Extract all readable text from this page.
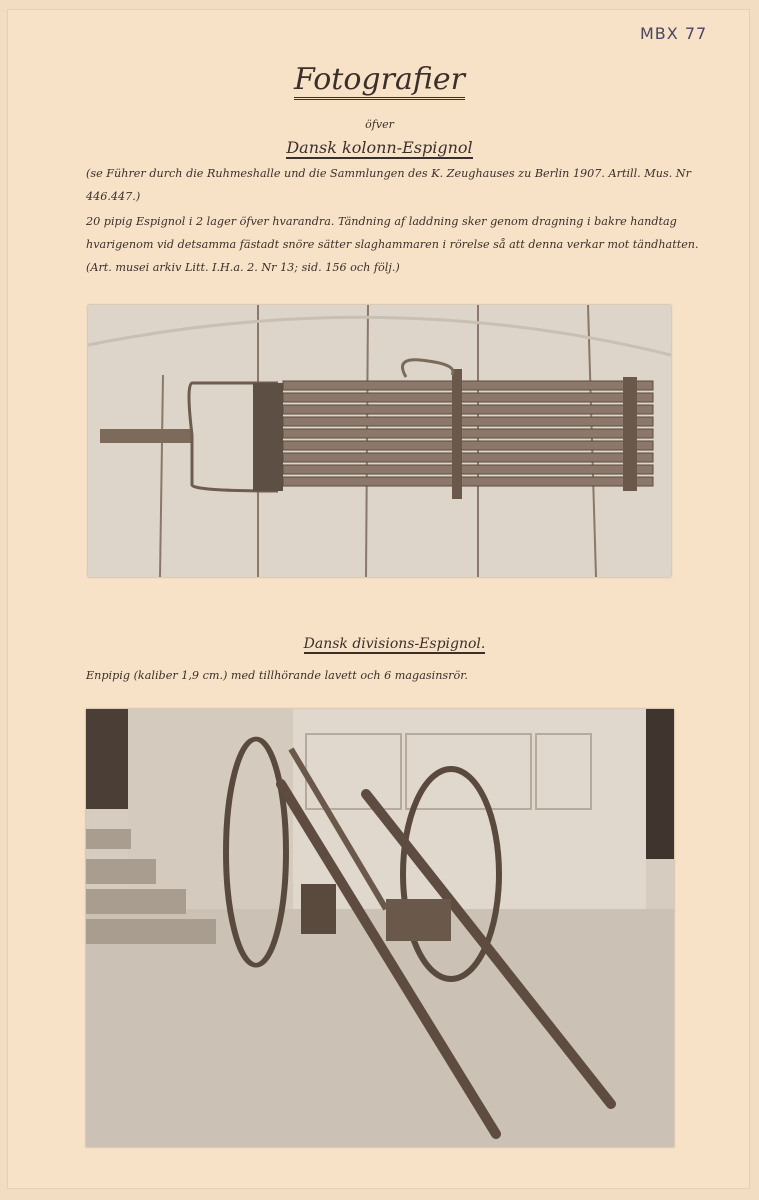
MBX 77
Fotografier
öfver
Dansk kolonn-Espignol
(se Führer durch die Ruhmeshalle und die Sammlungen des K. Zeughauses zu Berlin 1907. Artill. Mus. Nr 446.447.)
20 pipig Espignol i 2 lager öfver hvarandra. Tändning af laddning sker genom dragning i bakre handtag hvarigenom vid detsamma fästadt snöre sätter slaghammaren i rörelse så att denna verkar mot tändhatten. (Art. musei arkiv Litt. I.H.a. 2. Nr 13; sid. 156 och följ.)
Dansk divisions-Espignol.
Enpipig (kaliber 1,9 cm.) med tillhörande lavett och 6 magasinsrör.
